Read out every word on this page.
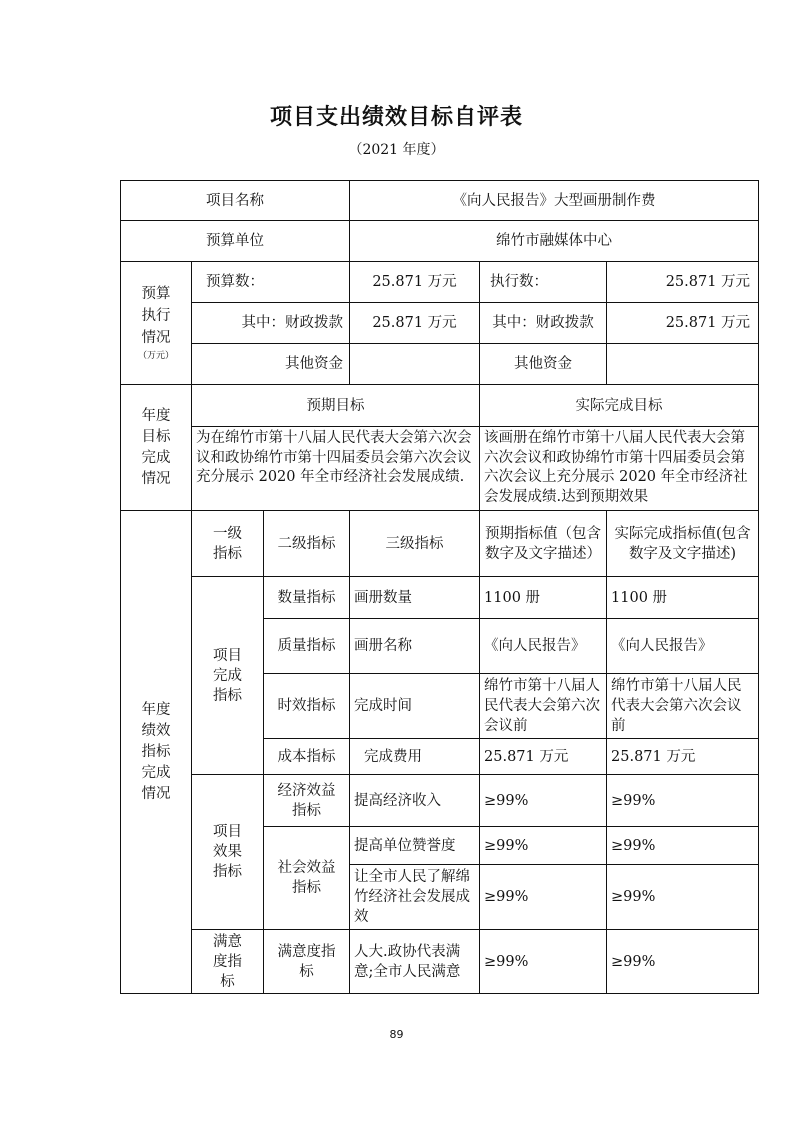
项目支出绩效目标自评表
（2021 年度）
项目名称			《向人民报告》大型画册制作费		
预算单位			绵竹市融媒体中心		

预算执行情况
（万元）	预算数：		25.871 万元	执行数：	25.871 万元
	其中：财政拨款		25.871 万元	其中：财政拨款	25.871 万元
	其他资金			其他资金	
年度目标完成情况	预期目标			实际完成目标	
	为在绵竹市第十八届人民代表大会第六次会议和政协绵竹市第十四届委员会第六次会议充分展示 2020 年全市经济社会发展成绩.			该画册在绵竹市第十八届人民代表大会第六次会议和政协绵竹市第十四届委员会第六次会议上充分展示 2020 年全市经济社会发展成绩.达到预期效果	
年度绩效指标完成情况	一级指标	二级指标	三级指标	预期指标值（包含数字及文字描述）	实际完成指标值(包含数字及文字描述)
	项目完成指标	数量指标	画册数量	1100 册	1100 册
		质量指标	画册名称	《向人民报告》	《向人民报告》
		时效指标	完成时间	绵竹市第十八届人民代表大会第六次会议前	绵竹市第十八届人民代表大会第六次会议前
		成本指标	完成费用	25.871 万元	25.871 万元
	项目效果指标	经济效益指标	提高经济收入	≥99%	≥99%
		社会效益指标	提高单位赞誉度	≥99%	≥99%
			让全市人民了解绵竹经济社会发展成效	≥99%	≥99%
	满意度指标	满意度指标	人大.政协代表满意;全市人民满意	≥99%	≥99%
89
